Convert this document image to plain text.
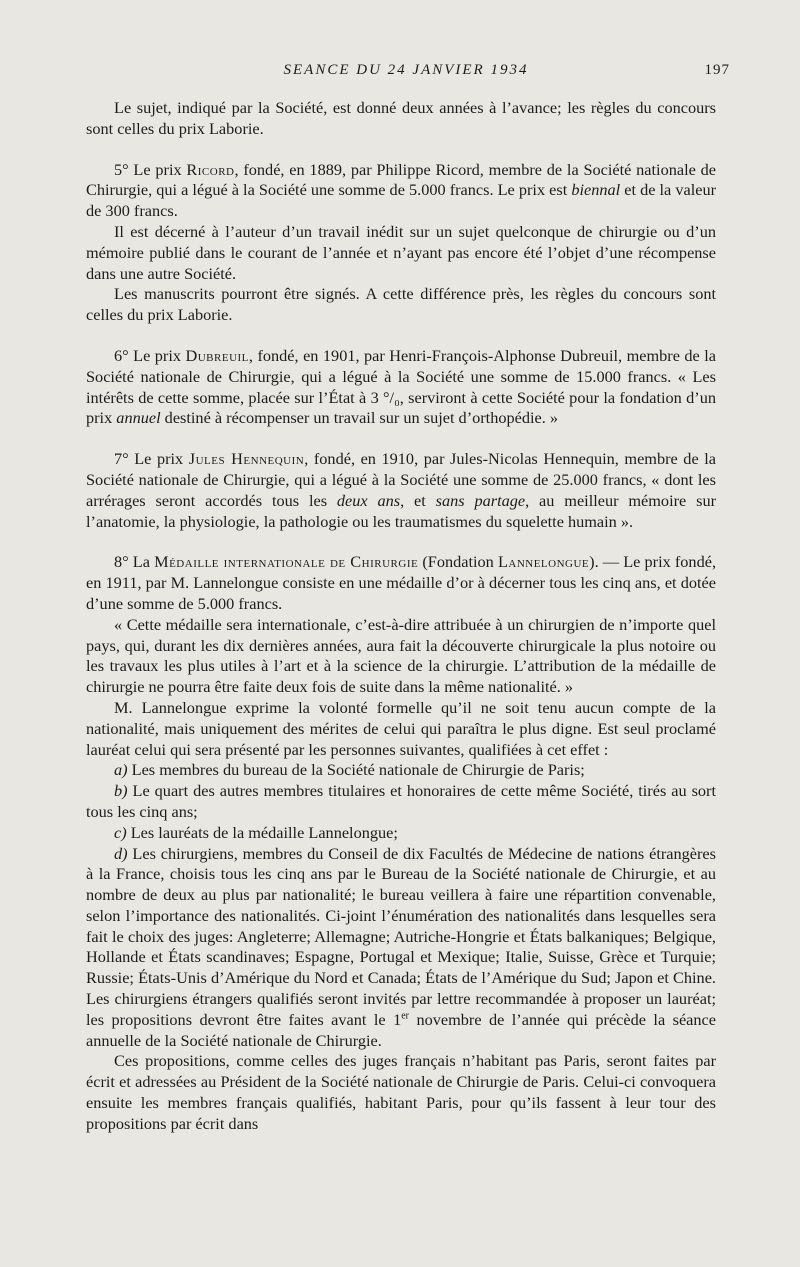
SEANCE DU 24 JANVIER 1934	197

Le sujet, indiqué par la Société, est donné deux années à l’avance; les règles du concours sont celles du prix Laborie.

5° Le prix Ricord, fondé, en 1889, par Philippe Ricord, membre de la Société nationale de Chirurgie, qui a légué à la Société une somme de 5.000 francs. Le prix est biennal et de la valeur de 300 francs.

Il est décerné à l’auteur d’un travail inédit sur un sujet quelconque de chirurgie ou d’un mémoire publié dans le courant de l’année et n’ayant pas encore été l’objet d’une récompense dans une autre Société.

Les manuscrits pourront être signés. A cette différence près, les règles du concours sont celles du prix Laborie.

6° Le prix Dubreuil, fondé, en 1901, par Henri-François-Alphonse Dubreuil, membre de la Société nationale de Chirurgie, qui a légué à la Société une somme de 15.000 francs. « Les intérêts de cette somme, placée sur l’État à 3 °/₀, serviront à cette Société pour la fondation d’un prix annuel destiné à récompenser un travail sur un sujet d’orthopédie. »

7° Le prix Jules Hennequin, fondé, en 1910, par Jules-Nicolas Hennequin, membre de la Société nationale de Chirurgie, qui a légué à la Société une somme de 25.000 francs, « dont les arrérages seront accordés tous les deux ans, et sans partage, au meilleur mémoire sur l’anatomie, la physiologie, la pathologie ou les traumatismes du squelette humain ».

8° La Médaille internationale de Chirurgie (Fondation Lannelongue). — Le prix fondé, en 1911, par M. Lannelongue consiste en une médaille d’or à décerner tous les cinq ans, et dotée d’une somme de 5.000 francs.

« Cette médaille sera internationale, c’est-à-dire attribuée à un chirurgien de n’importe quel pays, qui, durant les dix dernières années, aura fait la découverte chirurgicale la plus notoire ou les travaux les plus utiles à l’art et à la science de la chirurgie. L’attribution de la médaille de chirurgie ne pourra être faite deux fois de suite dans la même nationalité. »

M. Lannelongue exprime la volonté formelle qu’il ne soit tenu aucun compte de la nationalité, mais uniquement des mérites de celui qui paraîtra le plus digne. Est seul proclamé lauréat celui qui sera présenté par les personnes suivantes, qualifiées à cet effet :

a) Les membres du bureau de la Société nationale de Chirurgie de Paris;

b) Le quart des autres membres titulaires et honoraires de cette même Société, tirés au sort tous les cinq ans;

c) Les lauréats de la médaille Lannelongue;

d) Les chirurgiens, membres du Conseil de dix Facultés de Médecine de nations étrangères à la France, choisis tous les cinq ans par le Bureau de la Société nationale de Chirurgie, et au nombre de deux au plus par nationalité; le bureau veillera à faire une répartition convenable, selon l’importance des nationalités. Ci-joint l’énumération des nationalités dans lesquelles sera fait le choix des juges: Angleterre; Allemagne; Autriche-Hongrie et États balkaniques; Belgique, Hollande et États scandinaves; Espagne, Portugal et Mexique; Italie, Suisse, Grèce et Turquie; Russie; États-Unis d’Amérique du Nord et Canada; États de l’Amérique du Sud; Japon et Chine. Les chirurgiens étrangers qualifiés seront invités par lettre recommandée à proposer un lauréat; les propositions devront être faites avant le 1er novembre de l’année qui précède la séance annuelle de la Société nationale de Chirurgie.

Ces propositions, comme celles des juges français n’habitant pas Paris, seront faites par écrit et adressées au Président de la Société nationale de Chirurgie de Paris. Celui-ci convoquera ensuite les membres français qualifiés, habitant Paris, pour qu’ils fassent à leur tour des propositions par écrit dans
